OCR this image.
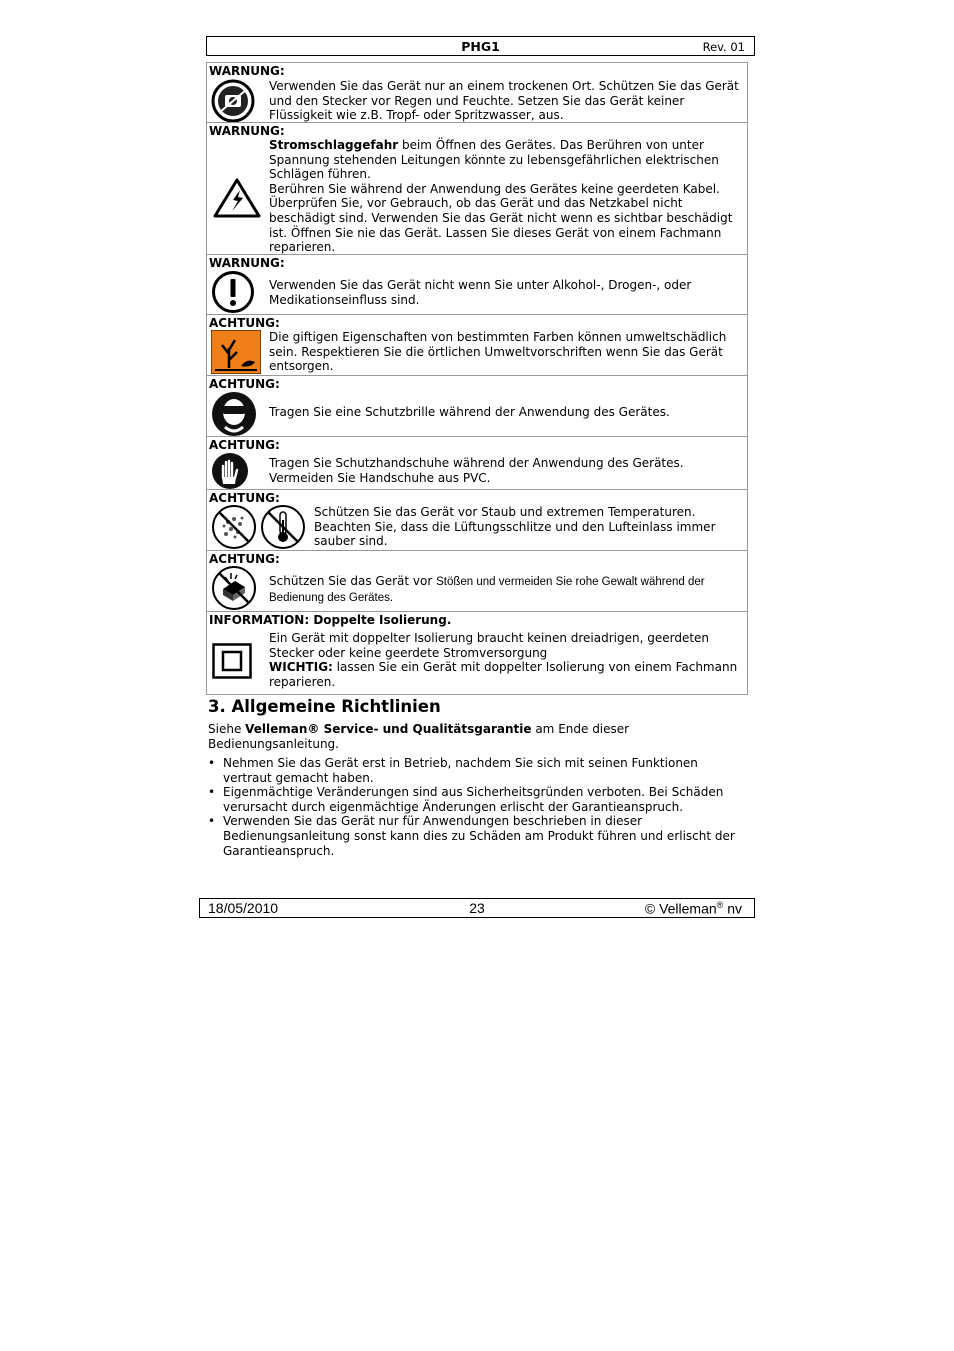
PHG1	Rev. 01
WARNUNG:
Verwenden Sie das Gerät nur an einem trockenen Ort. Schützen Sie das Gerät und den Stecker vor Regen und Feuchte. Setzen Sie das Gerät keiner Flüssigkeit wie z.B. Tropf- oder Spritzwasser, aus.
WARNUNG:
Stromschlaggefahr beim Öffnen des Gerätes. Das Berühren von unter Spannung stehenden Leitungen könnte zu lebensgefährlichen elektrischen Schlägen führen.
Berühren Sie während der Anwendung des Gerätes keine geerdeten Kabel. Überprüfen Sie, vor Gebrauch, ob das Gerät und das Netzkabel nicht beschädigt sind. Verwenden Sie das Gerät nicht wenn es sichtbar beschädigt ist. Öffnen Sie nie das Gerät. Lassen Sie dieses Gerät von einem Fachmann reparieren.
WARNUNG:
Verwenden Sie das Gerät nicht wenn Sie unter Alkohol-, Drogen-, oder Medikationseinfluss sind.
ACHTUNG:
Die giftigen Eigenschaften von bestimmten Farben können umweltschädlich sein. Respektieren Sie die örtlichen Umweltvorschriften wenn Sie das Gerät entsorgen.
ACHTUNG:
Tragen Sie eine Schutzbrille während der Anwendung des Gerätes.
ACHTUNG:
Tragen Sie Schutzhandschuhe während der Anwendung des Gerätes. Vermeiden Sie Handschuhe aus PVC.
ACHTUNG:
Schützen Sie das Gerät vor Staub und extremen Temperaturen. Beachten Sie, dass die Lüftungsschlitze und den Lufteinlass immer sauber sind.
ACHTUNG:
Schützen Sie das Gerät vor Stößen und vermeiden Sie rohe Gewalt während der Bedienung des Gerätes.
INFORMATION: Doppelte Isolierung.
Ein Gerät mit doppelter Isolierung braucht keinen dreiadrigen, geerdeten Stecker oder keine geerdete Stromversorgung
WICHTIG: lassen Sie ein Gerät mit doppelter Isolierung von einem Fachmann reparieren.
3. Allgemeine Richtlinien
Siehe Velleman® Service- und Qualitätsgarantie am Ende dieser Bedienungsanleitung.
• Nehmen Sie das Gerät erst in Betrieb, nachdem Sie sich mit seinen Funktionen vertraut gemacht haben.
• Eigenmächtige Veränderungen sind aus Sicherheitsgründen verboten. Bei Schäden verursacht durch eigenmächtige Änderungen erlischt der Garantieanspruch.
• Verwenden Sie das Gerät nur für Anwendungen beschrieben in dieser Bedienungsanleitung sonst kann dies zu Schäden am Produkt führen und erlischt der Garantieanspruch.
18/05/2010	23	© Velleman® nv
